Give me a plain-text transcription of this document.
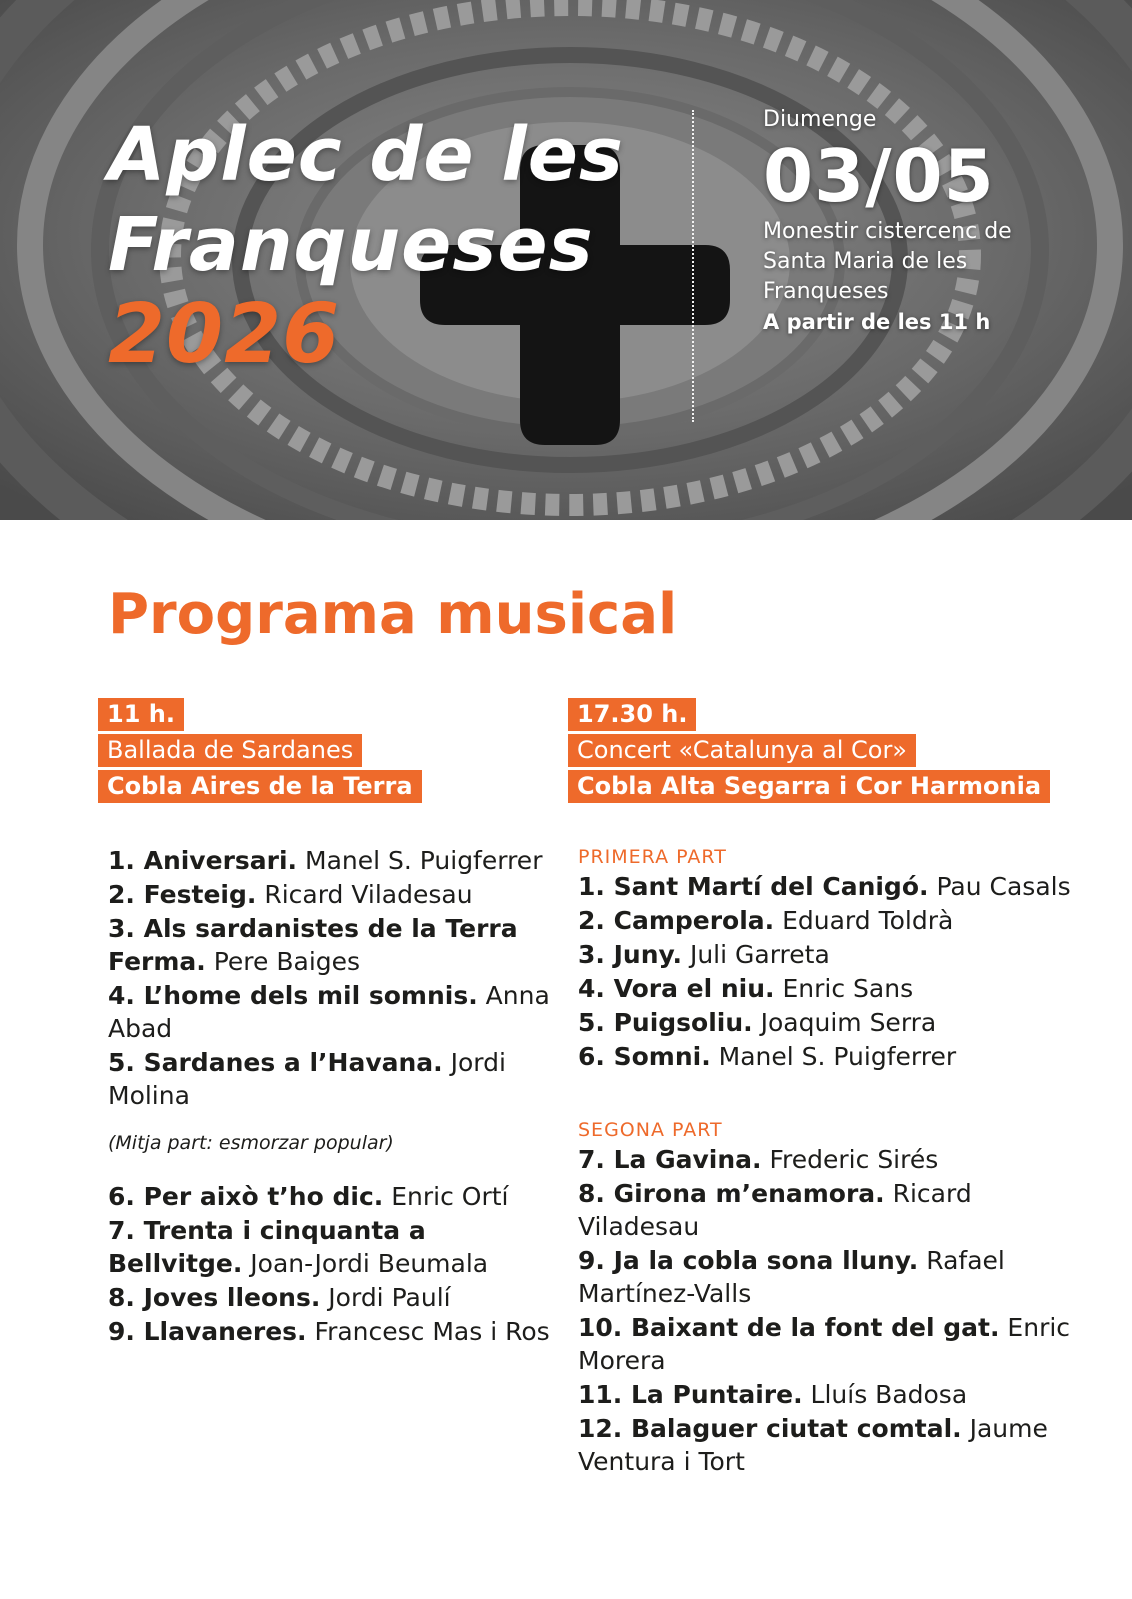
Aplec de les
Franqueses
2026
Diumenge
03/05
Monestir cistercenc de
Santa Maria de les
Franqueses
A partir de les 11 h
Programa musical
11 h.
Ballada de Sardanes
Cobla Aires de la Terra
1. Aniversari. Manel S. Puigferrer
2. Festeig. Ricard Viladesau
3. Als sardanistes de la Terra Ferma. Pere Baiges
4. L’home dels mil somnis. Anna Abad
5. Sardanes a l’Havana. Jordi Molina
(Mitja part: esmorzar popular)
6. Per això t’ho dic. Enric Ortí
7. Trenta i cinquanta a Bellvitge. Joan-Jordi Beumala
8. Joves lleons. Jordi Paulí
9. Llavaneres. Francesc Mas i Ros
17.30 h.
Concert «Catalunya al Cor»
Cobla Alta Segarra i Cor Harmonia
PRIMERA PART
1. Sant Martí del Canigó. Pau Casals
2. Camperola. Eduard Toldrà
3. Juny. Juli Garreta
4. Vora el niu. Enric Sans
5. Puigsoliu. Joaquim Serra
6. Somni. Manel S. Puigferrer
SEGONA PART
7. La Gavina. Frederic Sirés
8. Girona m’enamora. Ricard Viladesau
9. Ja la cobla sona lluny. Rafael Martínez-Valls
10. Baixant de la font del gat. Enric Morera
11. La Puntaire. Lluís Badosa
12. Balaguer ciutat comtal. Jaume Ventura i Tort
